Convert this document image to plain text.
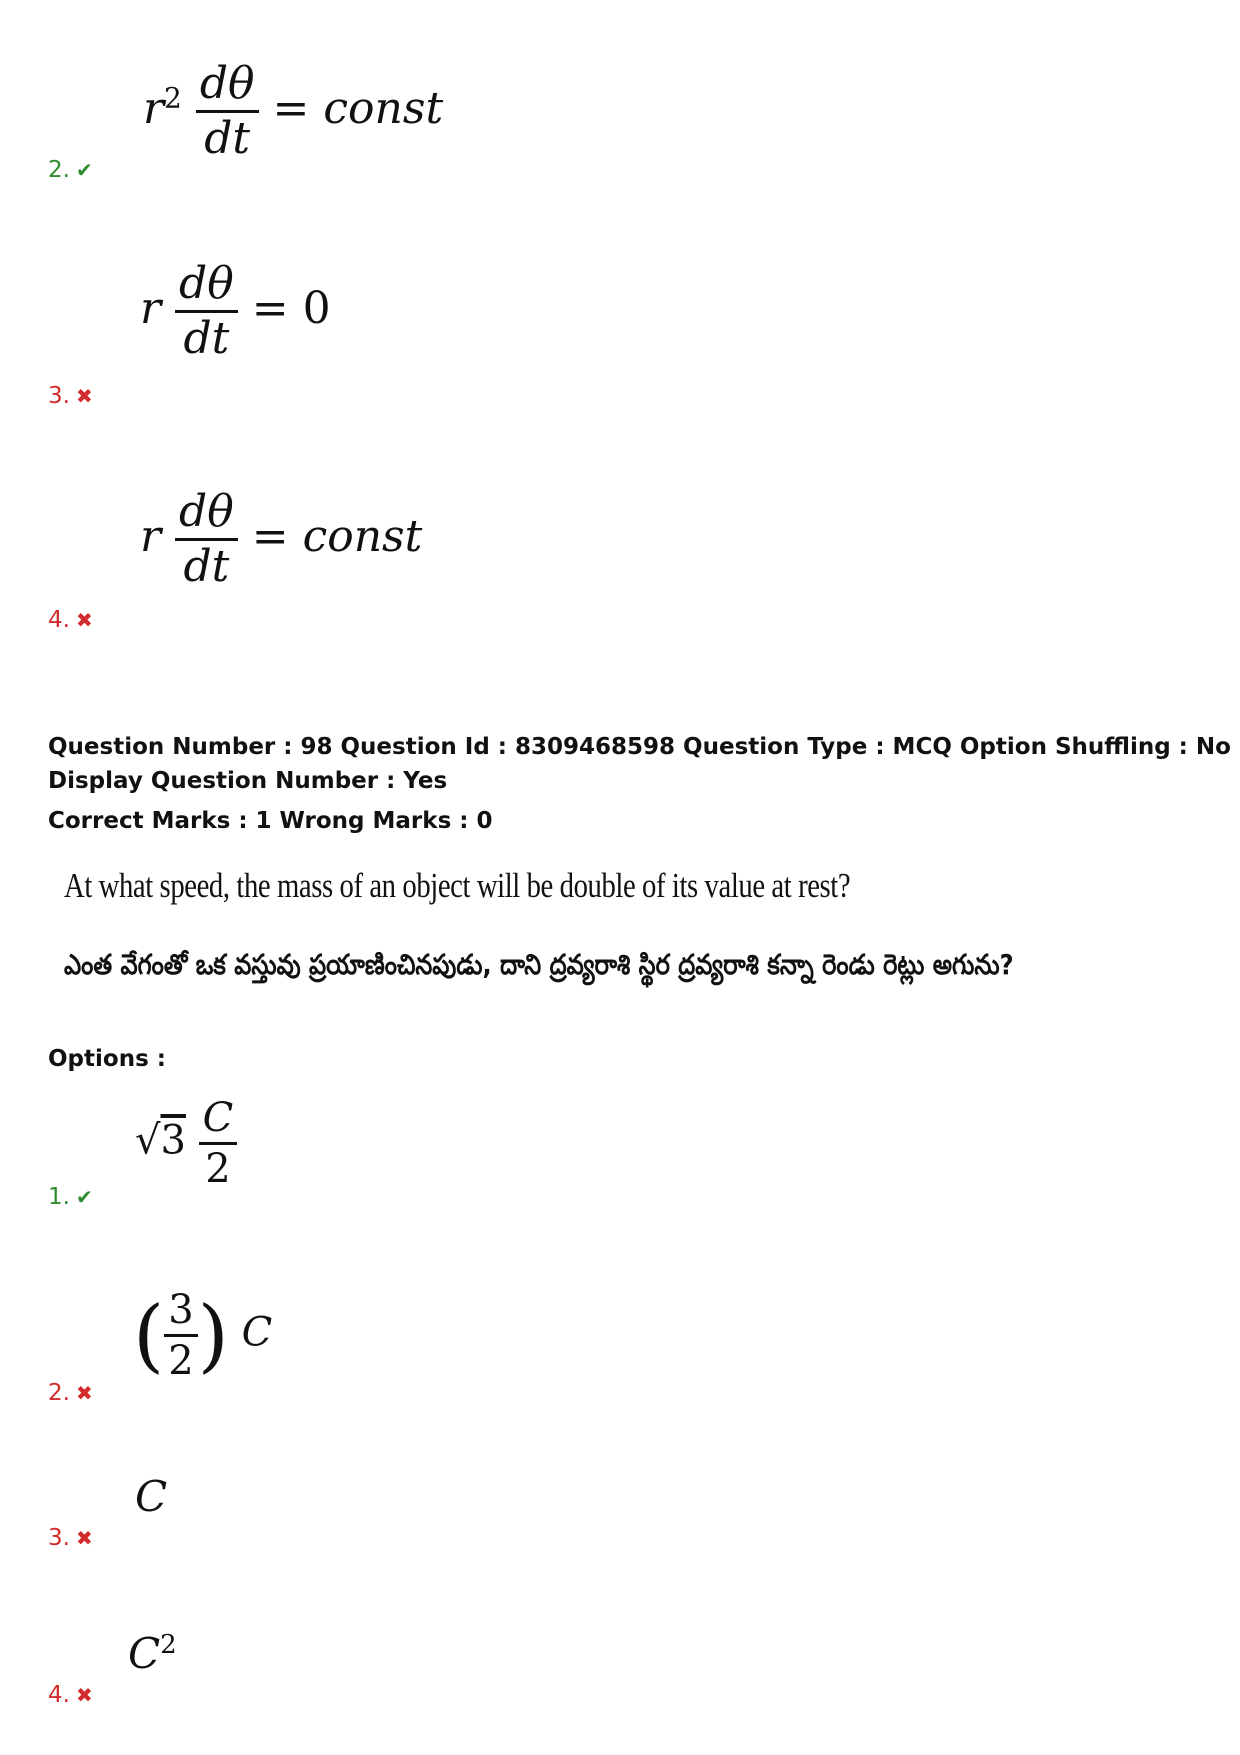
$r^2 \frac{d\theta}{dt}$ = const
2. ✔
r $\frac{d\theta}{dt} = 0$
3. ✖
r $\frac{d\theta}{dt}$ = const
4. ✖
Question Number : 98 Question Id : 8309468598 Question Type : MCQ Option Shuffling : No
Display Question Number : Yes
Correct Marks : 1 Wrong Marks : 0
At what speed, the mass of an object will be double of its value at rest?
ఎంత వేగంతో ఒక వస్తువు ప్రయాణించినపుడు, దాని ద్రవ్యరాశి స్థిర ద్రవ్యరాశి కన్నా రెండు రెట్లు అగును?
Options :
$√3 \frac{C}{2}$
1. ✔
( $\frac{3}{2}$ ) C
2. ✖
C
3. ✖
$C^2$
4. ✖
